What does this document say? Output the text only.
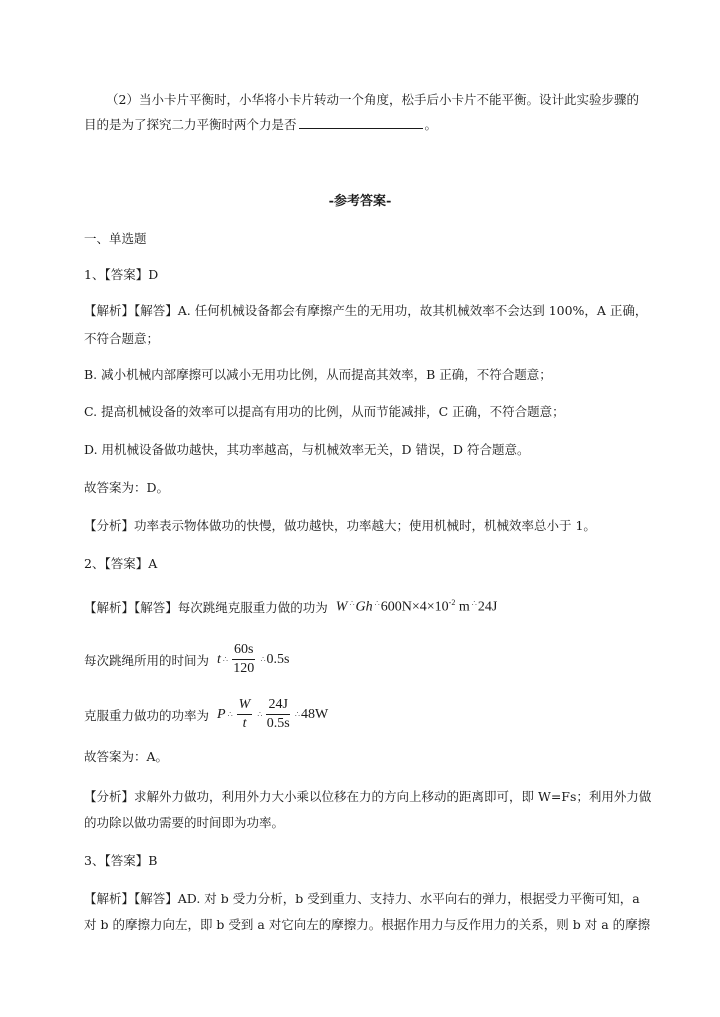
（2）当小卡片平衡时，小华将小卡片转动一个角度，松手后小卡片不能平衡。设计此实验步骤的
目的是为了探究二力平衡时两个力是否	。
-参考答案-
一、单选题
1、【答案】D
【解析】【解答】A. 任何机械设备都会有摩擦产生的无用功，故其机械效率不会达到 100%，A 正确，
不符合题意；
B. 减小机械内部摩擦可以减小无用功比例，从而提高其效率，B 正确，不符合题意；
C. 提高机械设备的效率可以提高有用功的比例，从而节能减排，C 正确，不符合题意；
D. 用机械设备做功越快，其功率越高，与机械效率无关，D 错误，D 符合题意。
故答案为：D。
【分析】功率表示物体做功的快慢，做功越快，功率越大；使用机械时，机械效率总小于 1。
2、【答案】A
【解析】【解答】每次跳绳克服重力做的功为 W ∴ Gh ∴ $600N\times 4\times 10^{-2}$ m ∴ 24J
每次跳绳所用的时间为 t ∴ $\frac{60s}{120}$ ∴ 0.5s
克服重力做功的功率为 P ∴ $\frac{W}{t}$ ∴ $\frac{24J}{0.5s}$ ∴ 48W
故答案为：A。
【分析】求解外力做功，利用外力大小乘以位移在力的方向上移动的距离即可，即 W=Fs；利用外力做
的功除以做功需要的时间即为功率。
3、【答案】B
【解析】【解答】AD. 对 b 受力分析，b 受到重力、支持力、水平向右的弹力，根据受力平衡可知，a
对 b 的摩擦力向左，即 b 受到 a 对它向左的摩擦力。根据作用力与反作用力的关系，则 b 对 a 的摩擦
